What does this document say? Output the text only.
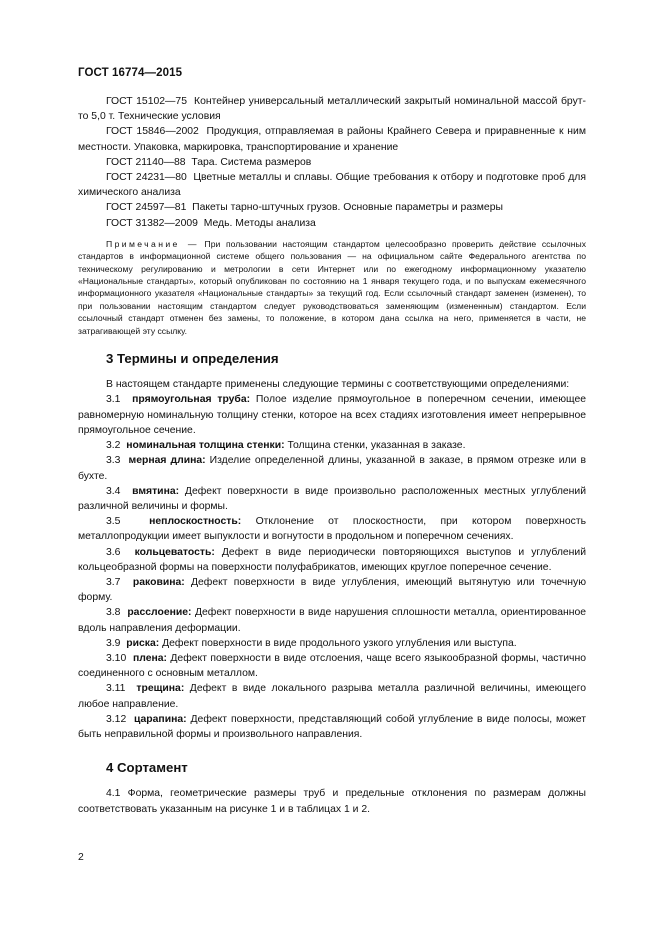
ГОСТ 16774—2015

ГОСТ 15102—75 Контейнер универсальный металлический закрытый номинальной массой брут-то 5,0 т. Технические условия

ГОСТ 15846—2002 Продукция, отправляемая в районы Крайнего Севера и приравненные к ним местности. Упаковка, маркировка, транспортирование и хранение

ГОСТ 21140—88 Тара. Система размеров

ГОСТ 24231—80 Цветные металлы и сплавы. Общие требования к отбору и подготовке проб для химического анализа

ГОСТ 24597—81 Пакеты тарно-штучных грузов. Основные параметры и размеры

ГОСТ 31382—2009 Медь. Методы анализа

Примечание — При пользовании настоящим стандартом целесообразно проверить действие ссылочных стандартов в информационной системе общего пользования — на официальном сайте Федерального агентства по техническому регулированию и метрологии в сети Интернет или по ежегодному информационному указателю «Национальные стандарты», который опубликован по состоянию на 1 января текущего года, и по выпускам ежемесячного информационного указателя «Национальные стандарты» за текущий год. Если ссылочный стандарт заменен (изменен), то при пользовании настоящим стандартом следует руководствоваться заменяющим (измененным) стандартом. Если ссылочный стандарт отменен без замены, то положение, в котором дана ссылка на него, применяется в части, не затрагивающей эту ссылку.

3 Термины и определения

В настоящем стандарте применены следующие термины с соответствующими определениями:

3.1 прямоугольная труба: Полое изделие прямоугольное в поперечном сечении, имеющее равномерную номинальную толщину стенки, которое на всех стадиях изготовления имеет непрерывное прямоугольное сечение.

3.2 номинальная толщина стенки: Толщина стенки, указанная в заказе.

3.3 мерная длина: Изделие определенной длины, указанной в заказе, в прямом отрезке или в бухте.

3.4 вмятина: Дефект поверхности в виде произвольно расположенных местных углублений различной величины и формы.

3.5	неплоскостность: Отклонение от плоскостности, при котором поверхность металлопродукции имеет выпуклости и вогнутости в продольном и поперечном сечениях.

3.6 кольцеватость: Дефект в виде периодически повторяющихся выступов и углублений кольцеобразной формы на поверхности полуфабрикатов, имеющих круглое поперечное сечение.

3.7 раковина: Дефект поверхности в виде углубления, имеющий вытянутую или точечную форму.

3.8 расслоение: Дефект поверхности в виде нарушения сплошности металла, ориентированное вдоль направления деформации.

3.9 риска: Дефект поверхности в виде продольного узкого углубления или выступа.

3.10 плена: Дефект поверхности в виде отслоения, чаще всего языкообразной формы, частично соединенного с основным металлом.

3.11 трещина: Дефект в виде локального разрыва металла различной величины, имеющего любое направление.

3.12 царапина: Дефект поверхности, представляющий собой углубление в виде полосы, может быть неправильной формы и произвольного направления.

4 Сортамент

4.1 Форма, геометрические размеры труб и предельные отклонения по размерам должны соответствовать указанным на рисунке 1 и в таблицах 1 и 2.

2
